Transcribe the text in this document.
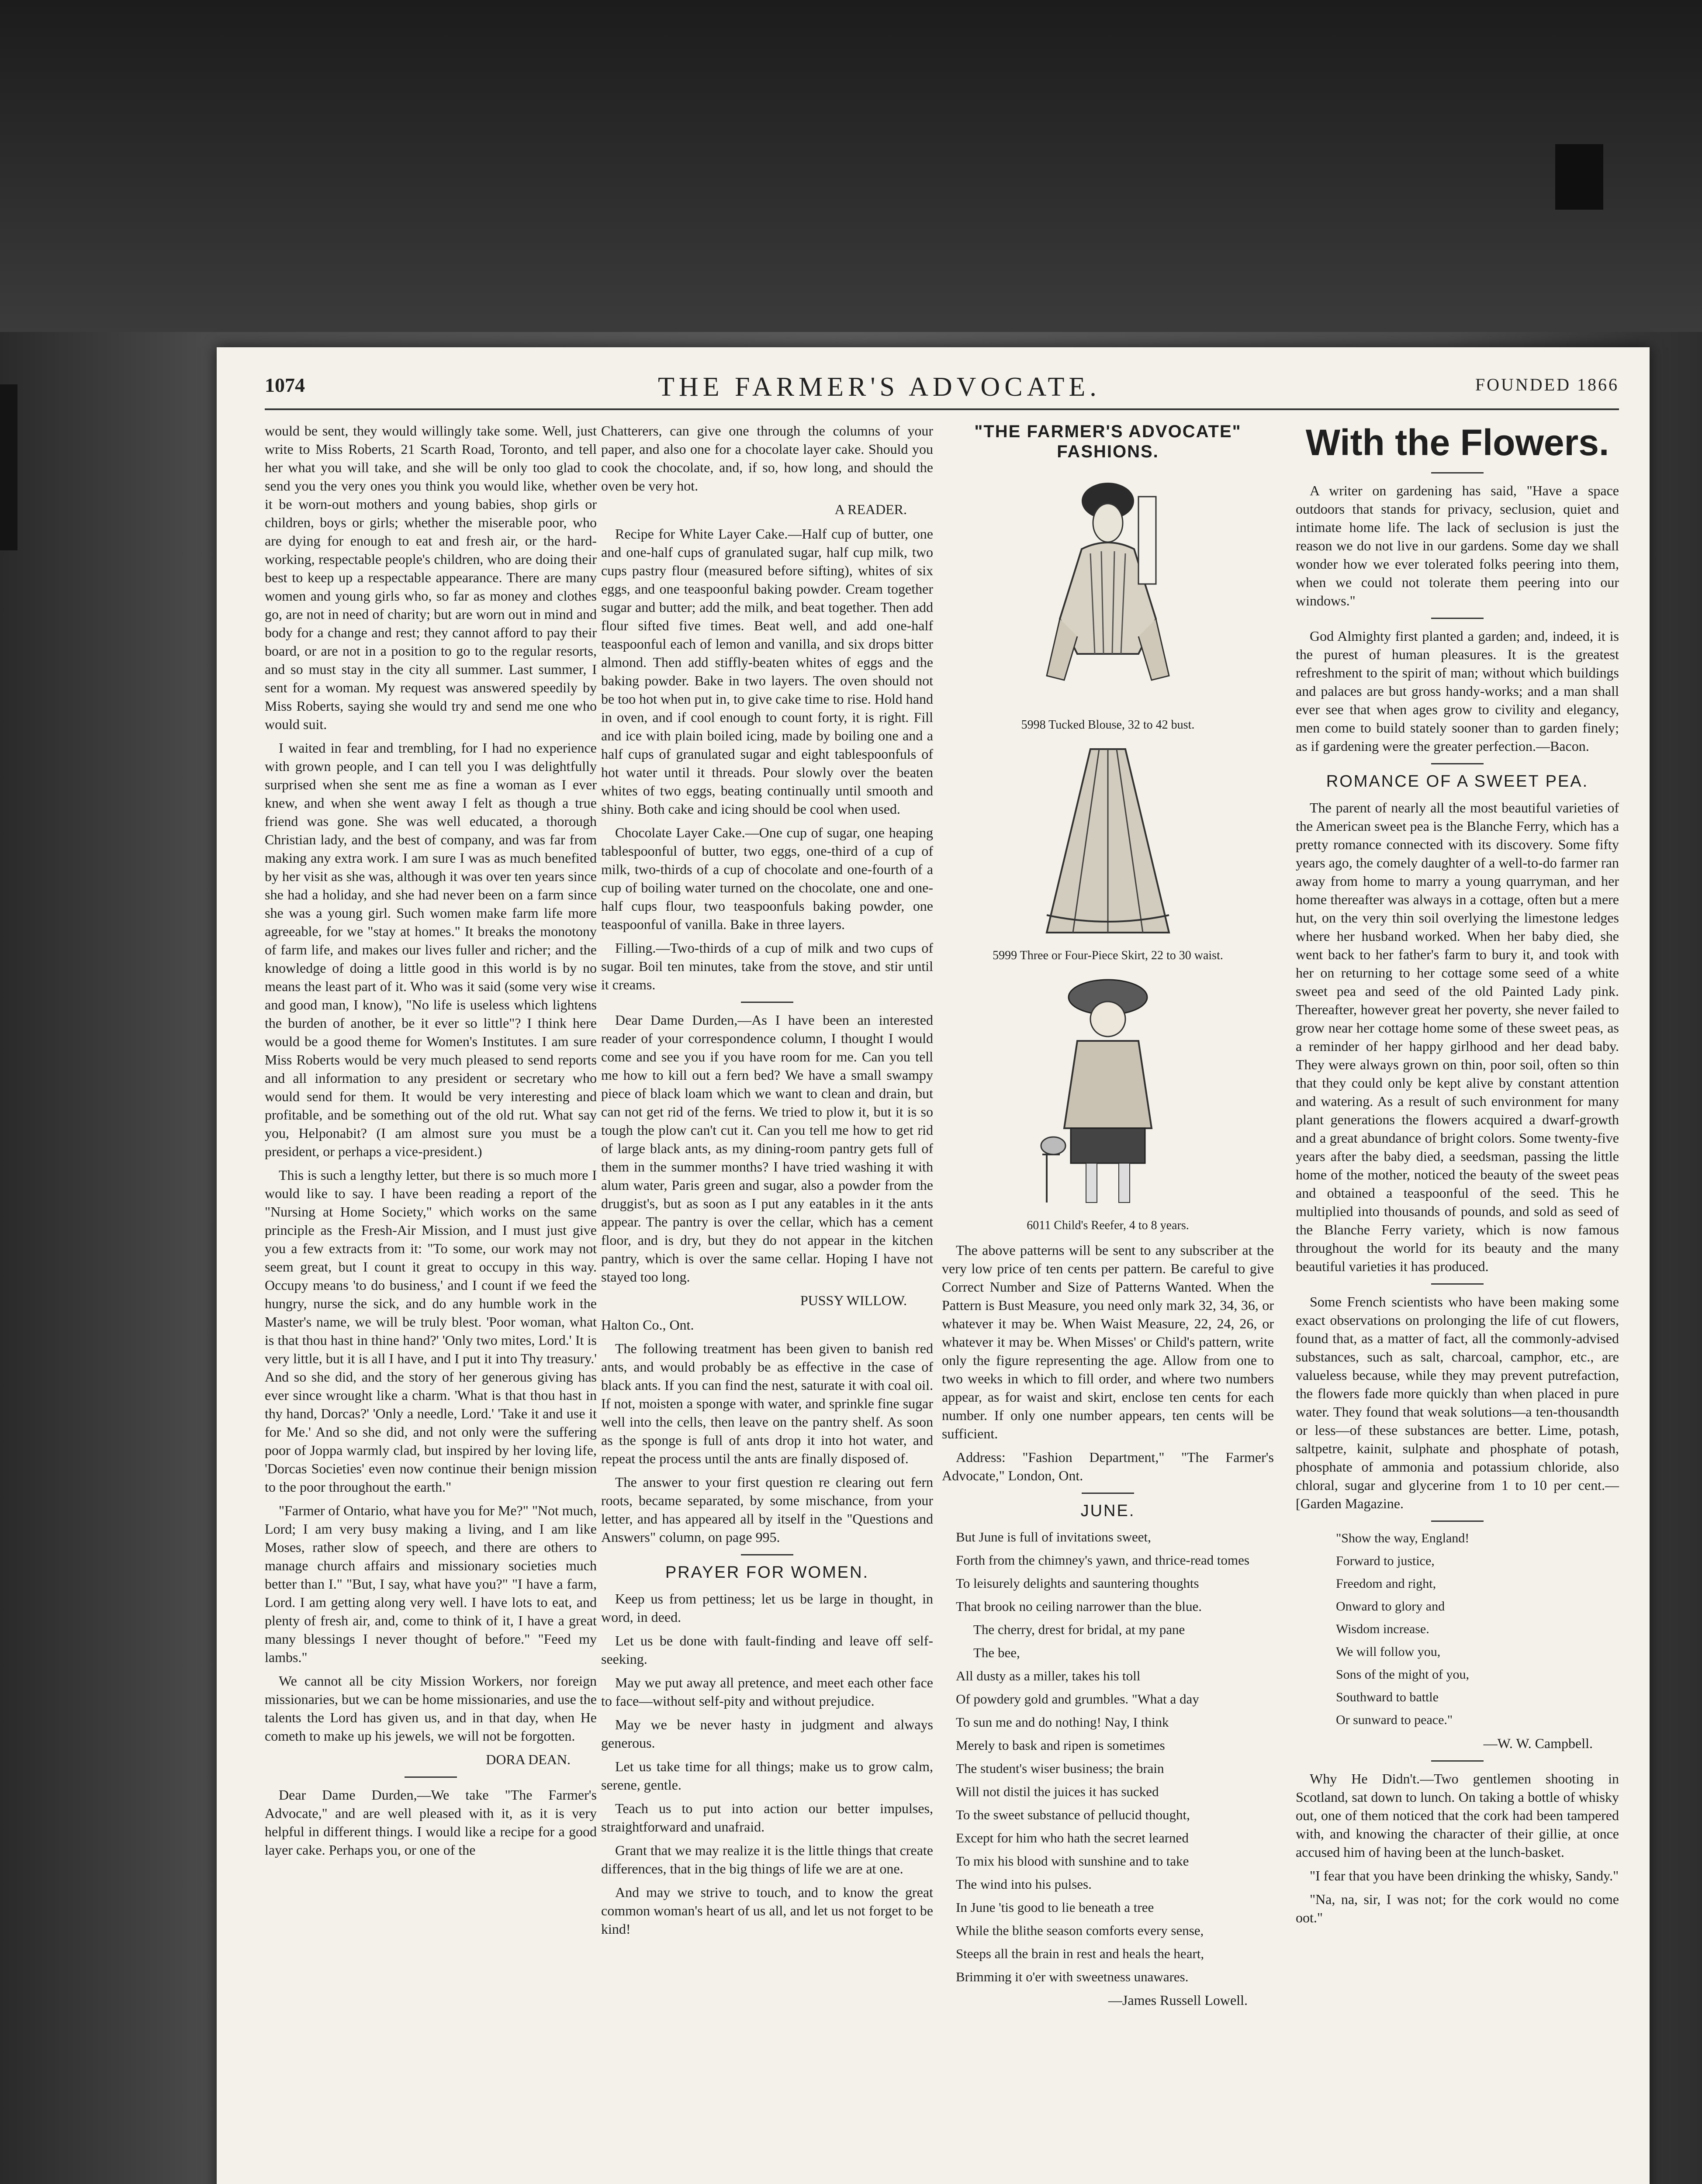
1074	THE FARMER'S ADVOCATE.	FOUNDED 1866

would be sent, they would willingly take some. Well, just write to Miss Roberts, 21 Scarth Road, Toronto, and tell her what you will take, and she will be only too glad to send you the very ones you think you would like, whether it be worn-out mothers and young babies, shop girls or children, boys or girls; whether the miserable poor, who are dying for enough to eat and fresh air, or the hard-working, respectable people's children, who are doing their best to keep up a respectable appearance. There are many women and young girls who, so far as money and clothes go, are not in need of charity; but are worn out in mind and body for a change and rest; they cannot afford to pay their board, or are not in a position to go to the regular resorts, and so must stay in the city all summer. Last summer, I sent for a woman. My request was answered speedily by Miss Roberts, saying she would try and send me one who would suit.

I waited in fear and trembling, for I had no experience with grown people, and I can tell you I was delightfully surprised when she sent me as fine a woman as I ever knew, and when she went away I felt as though a true friend was gone. She was well educated, a thorough Christian lady, and the best of company, and was far from making any extra work. I am sure I was as much benefited by her visit as she was, although it was over ten years since she had a holiday, and she had never been on a farm since she was a young girl. Such women make farm life more agreeable, for we "stay at homes." It breaks the monotony of farm life, and makes our lives fuller and richer; and the knowledge of doing a little good in this world is by no means the least part of it. Who was it said (some very wise and good man, I know), "No life is useless which lightens the burden of another, be it ever so little"? I think here would be a good theme for Women's Institutes. I am sure Miss Roberts would be very much pleased to send reports and all information to any president or secretary who would send for them. It would be very interesting and profitable, and be something out of the old rut. What say you, Helponabit? (I am almost sure you must be a president, or perhaps a vice-president.)

This is such a lengthy letter, but there is so much more I would like to say. I have been reading a report of the "Nursing at Home Society," which works on the same principle as the Fresh-Air Mission, and I must just give you a few extracts from it: "To some, our work may not seem great, but I count it great to occupy in this way. Occupy means 'to do business,' and I count if we feed the hungry, nurse the sick, and do any humble work in the Master's name, we will be truly blest. 'Poor woman, what is that thou hast in thine hand?' 'Only two mites, Lord.' It is very little, but it is all I have, and I put it into Thy treasury.' And so she did, and the story of her generous giving has ever since wrought like a charm. 'What is that thou hast in thy hand, Dorcas?' 'Only a needle, Lord.' 'Take it and use it for Me.' And so she did, and not only were the suffering poor of Joppa warmly clad, but inspired by her loving life, 'Dorcas Societies' even now continue their benign mission to the poor throughout the earth."

"Farmer of Ontario, what have you for Me?" "Not much, Lord; I am very busy making a living, and I am like Moses, rather slow of speech, and there are others to manage church affairs and missionary societies much better than I." "But, I say, what have you?" "I have a farm, Lord. I am getting along very well. I have lots to eat, and plenty of fresh air, and, come to think of it, I have a great many blessings I never thought of before." "Feed my lambs."

We cannot all be city Mission Workers, nor foreign missionaries, but we can be home missionaries, and use the talents the Lord has given us, and in that day, when He cometh to make up his jewels, we will not be forgotten.

DORA DEAN.

Dear Dame Durden,—We take "The Farmer's Advocate," and are well pleased with it, as it is very helpful in different things. I would like a recipe for a good layer cake. Perhaps you, or one of the

Chatterers, can give one through the columns of your paper, and also one for a chocolate layer cake. Should you cook the chocolate, and, if so, how long, and should the oven be very hot.

A READER.

Recipe for White Layer Cake.—Half cup of butter, one and one-half cups of granulated sugar, half cup milk, two cups pastry flour (measured before sifting), whites of six eggs, and one teaspoonful baking powder. Cream together sugar and butter; add the milk, and beat together. Then add flour sifted five times. Beat well, and add one-half teaspoonful each of lemon and vanilla, and six drops bitter almond. Then add stiffly-beaten whites of eggs and the baking powder. Bake in two layers. The oven should not be too hot when put in, to give cake time to rise. Hold hand in oven, and if cool enough to count forty, it is right. Fill and ice with plain boiled icing, made by boiling one and a half cups of granulated sugar and eight tablespoonfuls of hot water until it threads. Pour slowly over the beaten whites of two eggs, beating continually until smooth and shiny. Both cake and icing should be cool when used.

Chocolate Layer Cake.—One cup of sugar, one heaping tablespoonful of butter, two eggs, one-third of a cup of milk, two-thirds of a cup of chocolate and one-fourth of a cup of boiling water turned on the chocolate, one and one-half cups flour, two teaspoonfuls baking powder, one teaspoonful of vanilla. Bake in three layers.

Filling.—Two-thirds of a cup of milk and two cups of sugar. Boil ten minutes, take from the stove, and stir until it creams.

Dear Dame Durden,—As I have been an interested reader of your correspondence column, I thought I would come and see you if you have room for me. Can you tell me how to kill out a fern bed? We have a small swampy piece of black loam which we want to clean and drain, but can not get rid of the ferns. We tried to plow it, but it is so tough the plow can't cut it. Can you tell me how to get rid of large black ants, as my dining-room pantry gets full of them in the summer months? I have tried washing it with alum water, Paris green and sugar, also a powder from the druggist's, but as soon as I put any eatables in it the ants appear. The pantry is over the cellar, which has a cement floor, and is dry, but they do not appear in the kitchen pantry, which is over the same cellar. Hoping I have not stayed too long.

PUSSY WILLOW.

Halton Co., Ont.

The following treatment has been given to banish red ants, and would probably be as effective in the case of black ants. If you can find the nest, saturate it with coal oil. If not, moisten a sponge with water, and sprinkle fine sugar well into the cells, then leave on the pantry shelf. As soon as the sponge is full of ants drop it into hot water, and repeat the process until the ants are finally disposed of.

The answer to your first question re clearing out fern roots, became separated, by some mischance, from your letter, and has appeared all by itself in the "Questions and Answers" column, on page 995.

PRAYER FOR WOMEN.

Keep us from pettiness; let us be large in thought, in word, in deed.

Let us be done with fault-finding and leave off self-seeking.

May we put away all pretence, and meet each other face to face—without self-pity and without prejudice.

May we be never hasty in judgment and always generous.

Let us take time for all things; make us to grow calm, serene, gentle.

Teach us to put into action our better impulses, straightforward and unafraid.

Grant that we may realize it is the little things that create differences, that in the big things of life we are at one.

And may we strive to touch, and to know the great common woman's heart of us all, and let us not forget to be kind!

"THE FARMER'S ADVOCATE" FASHIONS.
5998 Tucked Blouse, 32 to 42 bust.
5999 Three or Four-Piece Skirt, 22 to 30 waist.
6011 Child's Reefer, 4 to 8 years.

The above patterns will be sent to any subscriber at the very low price of ten cents per pattern. Be careful to give Correct Number and Size of Patterns Wanted. When the Pattern is Bust Measure, you need only mark 32, 34, 36, or whatever it may be. When Waist Measure, 22, 24, 26, or whatever it may be. When Misses' or Child's pattern, write only the figure representing the age. Allow from one to two weeks in which to fill order, and where two numbers appear, as for waist and skirt, enclose ten cents for each number. If only one number appears, ten cents will be sufficient.

Address: "Fashion Department," "The Farmer's Advocate," London, Ont.

JUNE.

But June is full of invitations sweet,

Forth from the chimney's yawn, and thrice-read tomes

To leisurely delights and sauntering thoughts

That brook no ceiling narrower than the blue.

The cherry, drest for bridal, at my pane

The bee,

All dusty as a miller, takes his toll

Of powdery gold and grumbles. "What a day

To sun me and do nothing! Nay, I think

Merely to bask and ripen is sometimes

The student's wiser business; the brain

Will not distil the juices it has sucked

To the sweet substance of pellucid thought,

Except for him who hath the secret learned

To mix his blood with sunshine and to take

The wind into his pulses.

In June 'tis good to lie beneath a tree

While the blithe season comforts every sense,

Steeps all the brain in rest and heals the heart,

Brimming it o'er with sweetness unawares.

—James Russell Lowell.
With the Flowers.

A writer on gardening has said, "Have a space outdoors that stands for privacy, seclusion, quiet and intimate home life. The lack of seclusion is just the reason we do not live in our gardens. Some day we shall wonder how we ever tolerated folks peering into them, when we could not tolerate them peering into our windows."

God Almighty first planted a garden; and, indeed, it is the purest of human pleasures. It is the greatest refreshment to the spirit of man; without which buildings and palaces are but gross handy-works; and a man shall ever see that when ages grow to civility and elegancy, men come to build stately sooner than to garden finely; as if gardening were the greater perfection.—Bacon.

ROMANCE OF A SWEET PEA.

The parent of nearly all the most beautiful varieties of the American sweet pea is the Blanche Ferry, which has a pretty romance connected with its discovery. Some fifty years ago, the comely daughter of a well-to-do farmer ran away from home to marry a young quarryman, and her home thereafter was always in a cottage, often but a mere hut, on the very thin soil overlying the limestone ledges where her husband worked. When her baby died, she went back to her father's farm to bury it, and took with her on returning to her cottage some seed of a white sweet pea and seed of the old Painted Lady pink. Thereafter, however great her poverty, she never failed to grow near her cottage home some of these sweet peas, as a reminder of her happy girlhood and her dead baby. They were always grown on thin, poor soil, often so thin that they could only be kept alive by constant attention and watering. As a result of such environment for many plant generations the flowers acquired a dwarf-growth and a great abundance of bright colors. Some twenty-five years after the baby died, a seedsman, passing the little home of the mother, noticed the beauty of the sweet peas and obtained a teaspoonful of the seed. This he multiplied into thousands of pounds, and sold as seed of the Blanche Ferry variety, which is now famous throughout the world for its beauty and the many beautiful varieties it has produced.

Some French scientists who have been making some exact observations on prolonging the life of cut flowers, found that, as a matter of fact, all the commonly-advised substances, such as salt, charcoal, camphor, etc., are valueless because, while they may prevent putrefaction, the flowers fade more quickly than when placed in pure water. They found that weak solutions—a ten-thousandth or less—of these substances are better. Lime, potash, saltpetre, kainit, sulphate and phosphate of potash, phosphate of ammonia and potassium chloride, also chloral, sugar and glycerine from 1 to 10 per cent.—[Garden Magazine.

"Show the way, England!

Forward to justice,

Freedom and right,

Onward to glory and

Wisdom increase.

We will follow you,

Sons of the might of you,

Southward to battle

Or sunward to peace."

—W. W. Campbell.

Why He Didn't.—Two gentlemen shooting in Scotland, sat down to lunch. On taking a bottle of whisky out, one of them noticed that the cork had been tampered with, and knowing the character of their gillie, at once accused him of having been at the lunch-basket.

"I fear that you have been drinking the whisky, Sandy."

"Na, na, sir, I was not; for the cork would no come oot."
